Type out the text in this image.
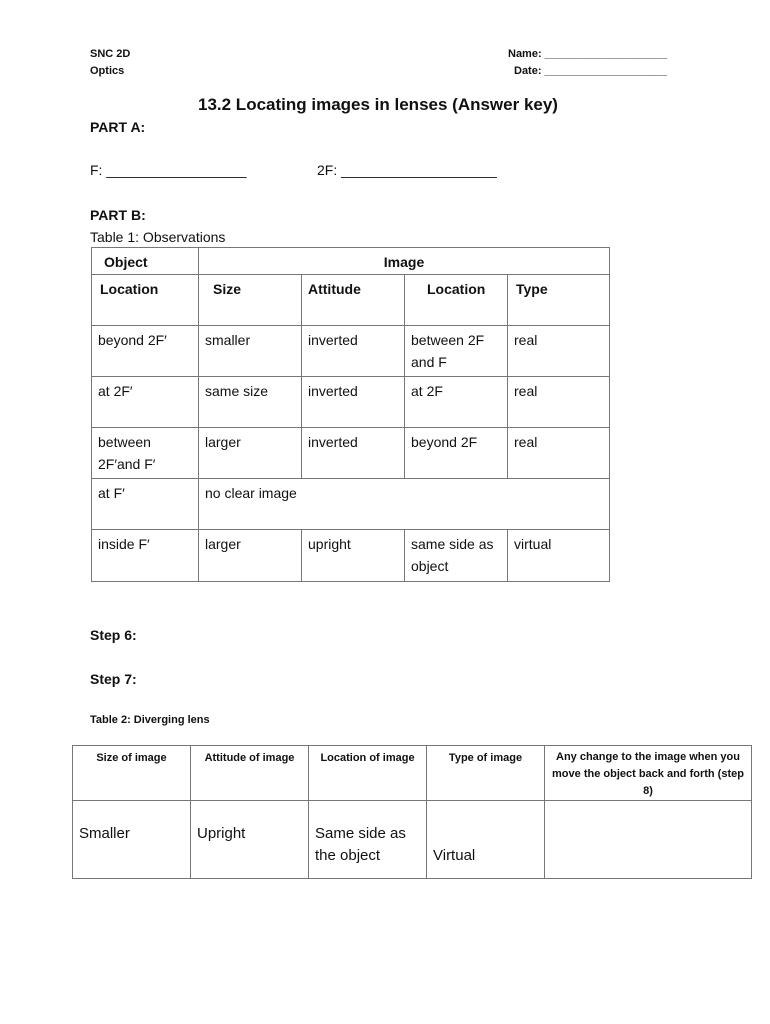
SNC 2D
Optics
Name: ____________________
Date: ____________________
13.2 Locating images in lenses (Answer key)
PART A:
F: __________________	2F: ____________________
PART B:
Table 1: Observations
Object	Image			
Location	Size	Attitude	Location	Type
beyond 2F′	smaller	inverted	between 2F and F	real
at 2F′	same size	inverted	at 2F	real
between 2F′and F′	larger	inverted	beyond 2F	real
at F′	no clear image			
inside F′	larger	upright	same side as object	virtual
Step 6:
Step 7:
Table 2: Diverging lens
Size of image	Attitude of image	Location of image	Type of image	Any change to the image when you move the object back and forth (step 8)
Smaller	Upright	Same side as the object	Virtual	
